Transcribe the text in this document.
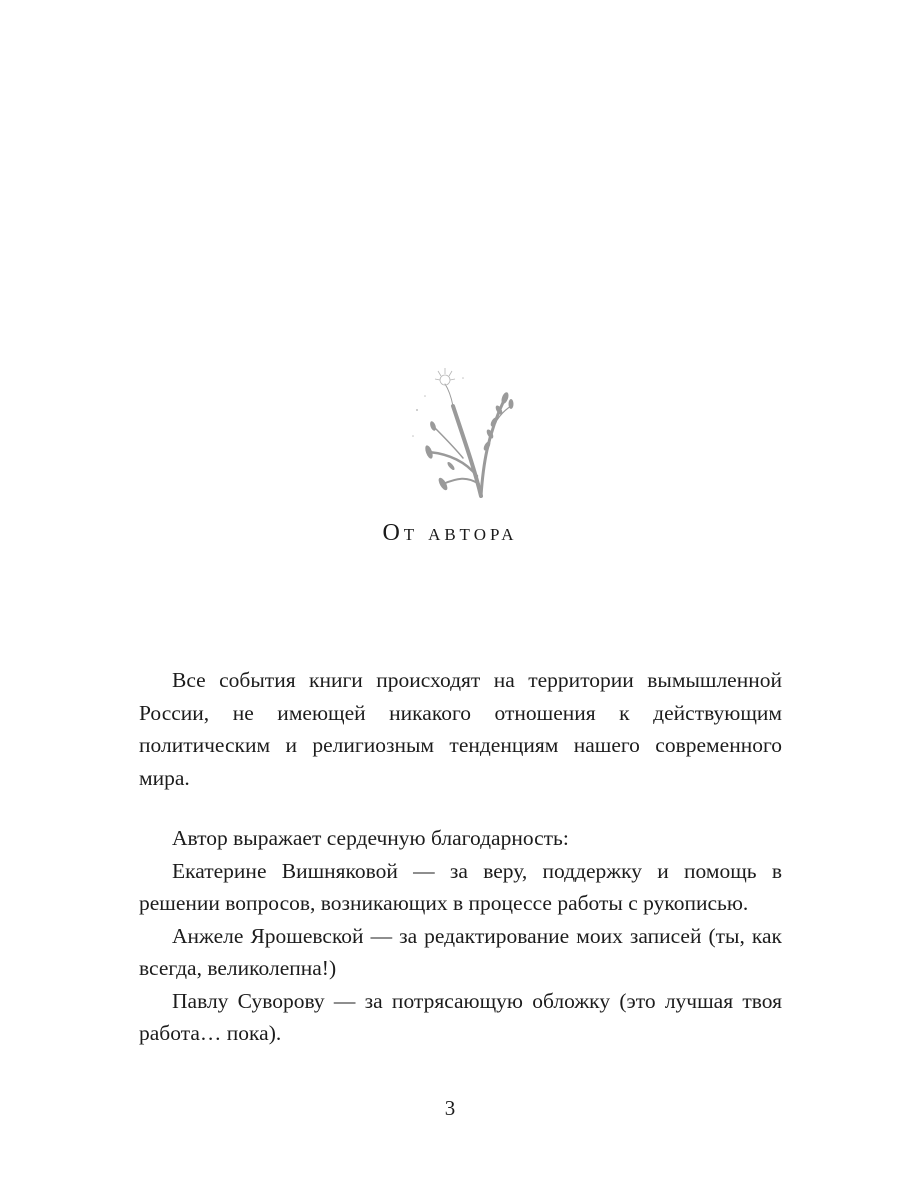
От автора

Все события книги происходят на территории вымышленной России, не имеющей никакого отношения к действующим политическим и религиозным тенденциям нашего современного мира.

Автор выражает сердечную благодарность:

Екатерине Вишняковой — за веру, поддержку и помощь в решении вопросов, возникающих в процессе работы с рукописью.

Анжеле Ярошевской — за редактирование моих записей (ты, как всегда, великолепна!)

Павлу Суворову — за потрясающую обложку (это лучшая твоя работа… пока).

3
